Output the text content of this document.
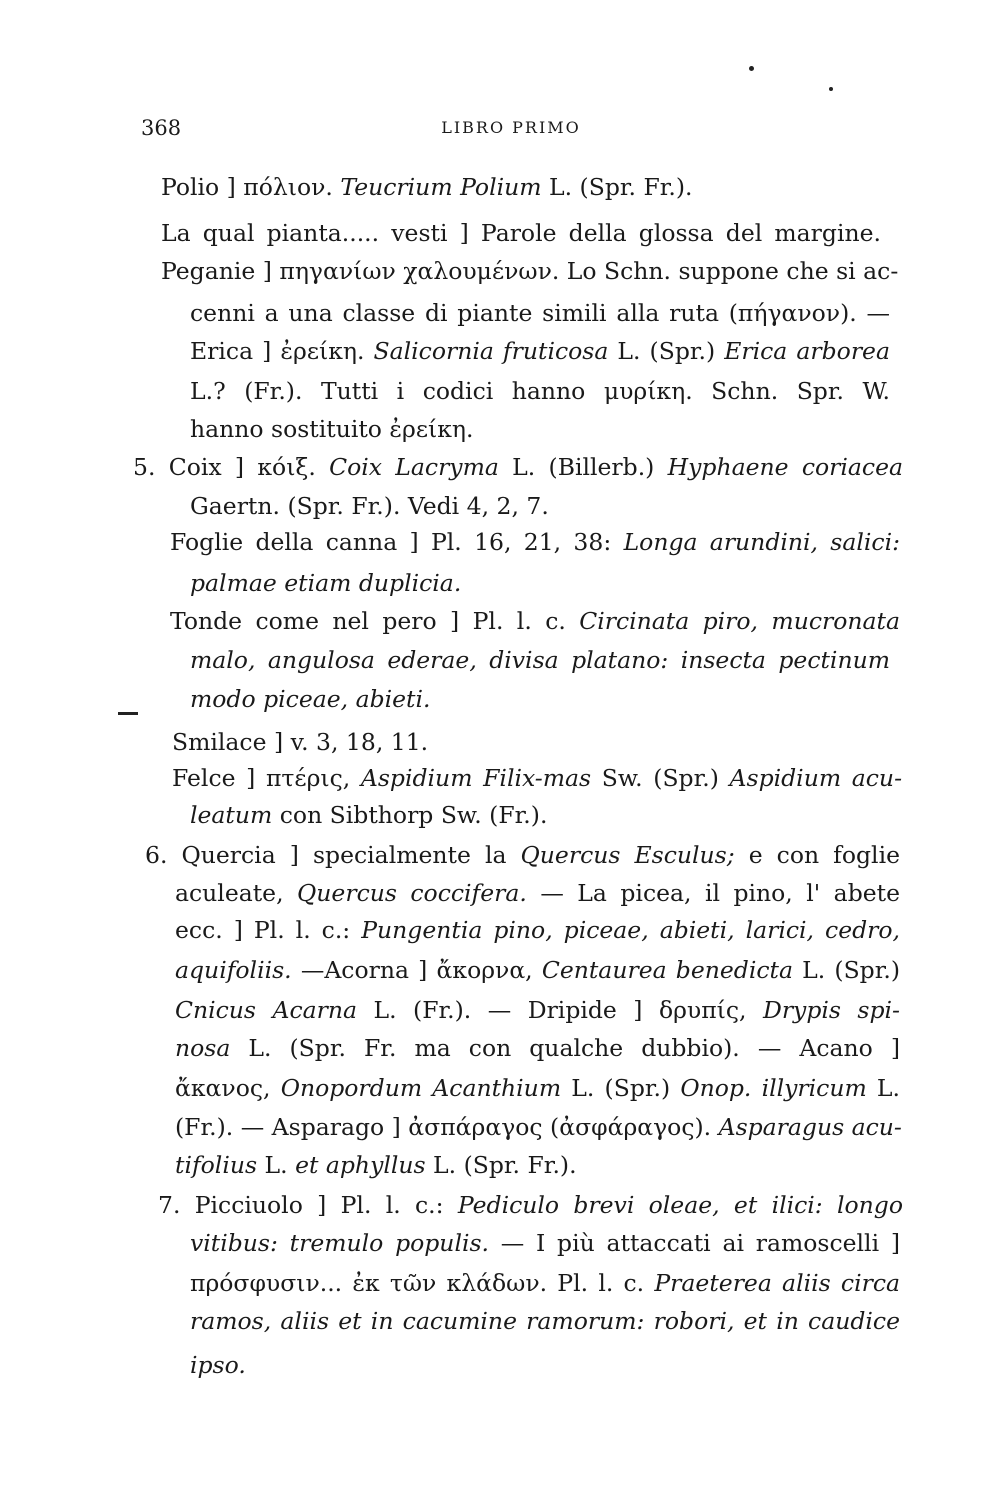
368	LIBRO PRIMO
Polio ] πόλιον. Teucrium Polium L. (Spr. Fr.).
La qual pianta..... vesti ] Parole della glossa del margine.
Peganie ] πηγανίων χαλουμένων. Lo Schn. suppone che si ac-
cenni a una classe di piante simili alla ruta (πήγανον). —
Erica ] ἐρείκη. Salicornia fruticosa L. (Spr.) Erica arborea
L.? (Fr.). Tutti i codici hanno μυρίκη. Schn. Spr. W.
hanno sostituito ἐρείκη.
5. Coix ] κόιξ. Coix Lacryma L. (Billerb.) Hyphaene coriacea
Gaertn. (Spr. Fr.). Vedi 4, 2, 7.
Foglie della canna ] Pl. 16, 21, 38: Longa arundini, salici:
palmae etiam duplicia.
Tonde come nel pero ] Pl. l. c. Circinata piro, mucronata
malo, angulosa ederae, divisa platano: insecta pectinum
modo piceae, abieti.
Smilace ] v. 3, 18, 11.
Felce ] πτέρις, Aspidium Filix-mas Sw. (Spr.) Aspidium acu-
leatum con Sibthorp Sw. (Fr.).
6. Quercia ] specialmente la Quercus Esculus; e con foglie
aculeate, Quercus coccifera. — La picea, il pino, l' abete
ecc. ] Pl. l. c.: Pungentia pino, piceae, abieti, larici, cedro,
aquifoliis. —Acorna ] ἄκορνα, Centaurea benedicta L. (Spr.)
Cnicus Acarna L. (Fr.). — Dripide ] δρυπίς, Drypis spi-
nosa L. (Spr. Fr. ma con qualche dubbio). — Acano ]
ἄκανος, Onopordum Acanthium L. (Spr.) Onop. illyricum L.
(Fr.). — Asparago ] ἀσπάραγος (ἀσφάραγος). Asparagus acu-
tifolius L. et aphyllus L. (Spr. Fr.).
7. Picciuolo ] Pl. l. c.: Pediculo brevi oleae, et ilici: longo
vitibus: tremulo populis. — I più attaccati ai ramoscelli ]
πρόσφυσιν... ἐκ τῶν κλάδων. Pl. l. c. Praeterea aliis circa
ramos, aliis et in cacumine ramorum: robori, et in caudice
ipso.
